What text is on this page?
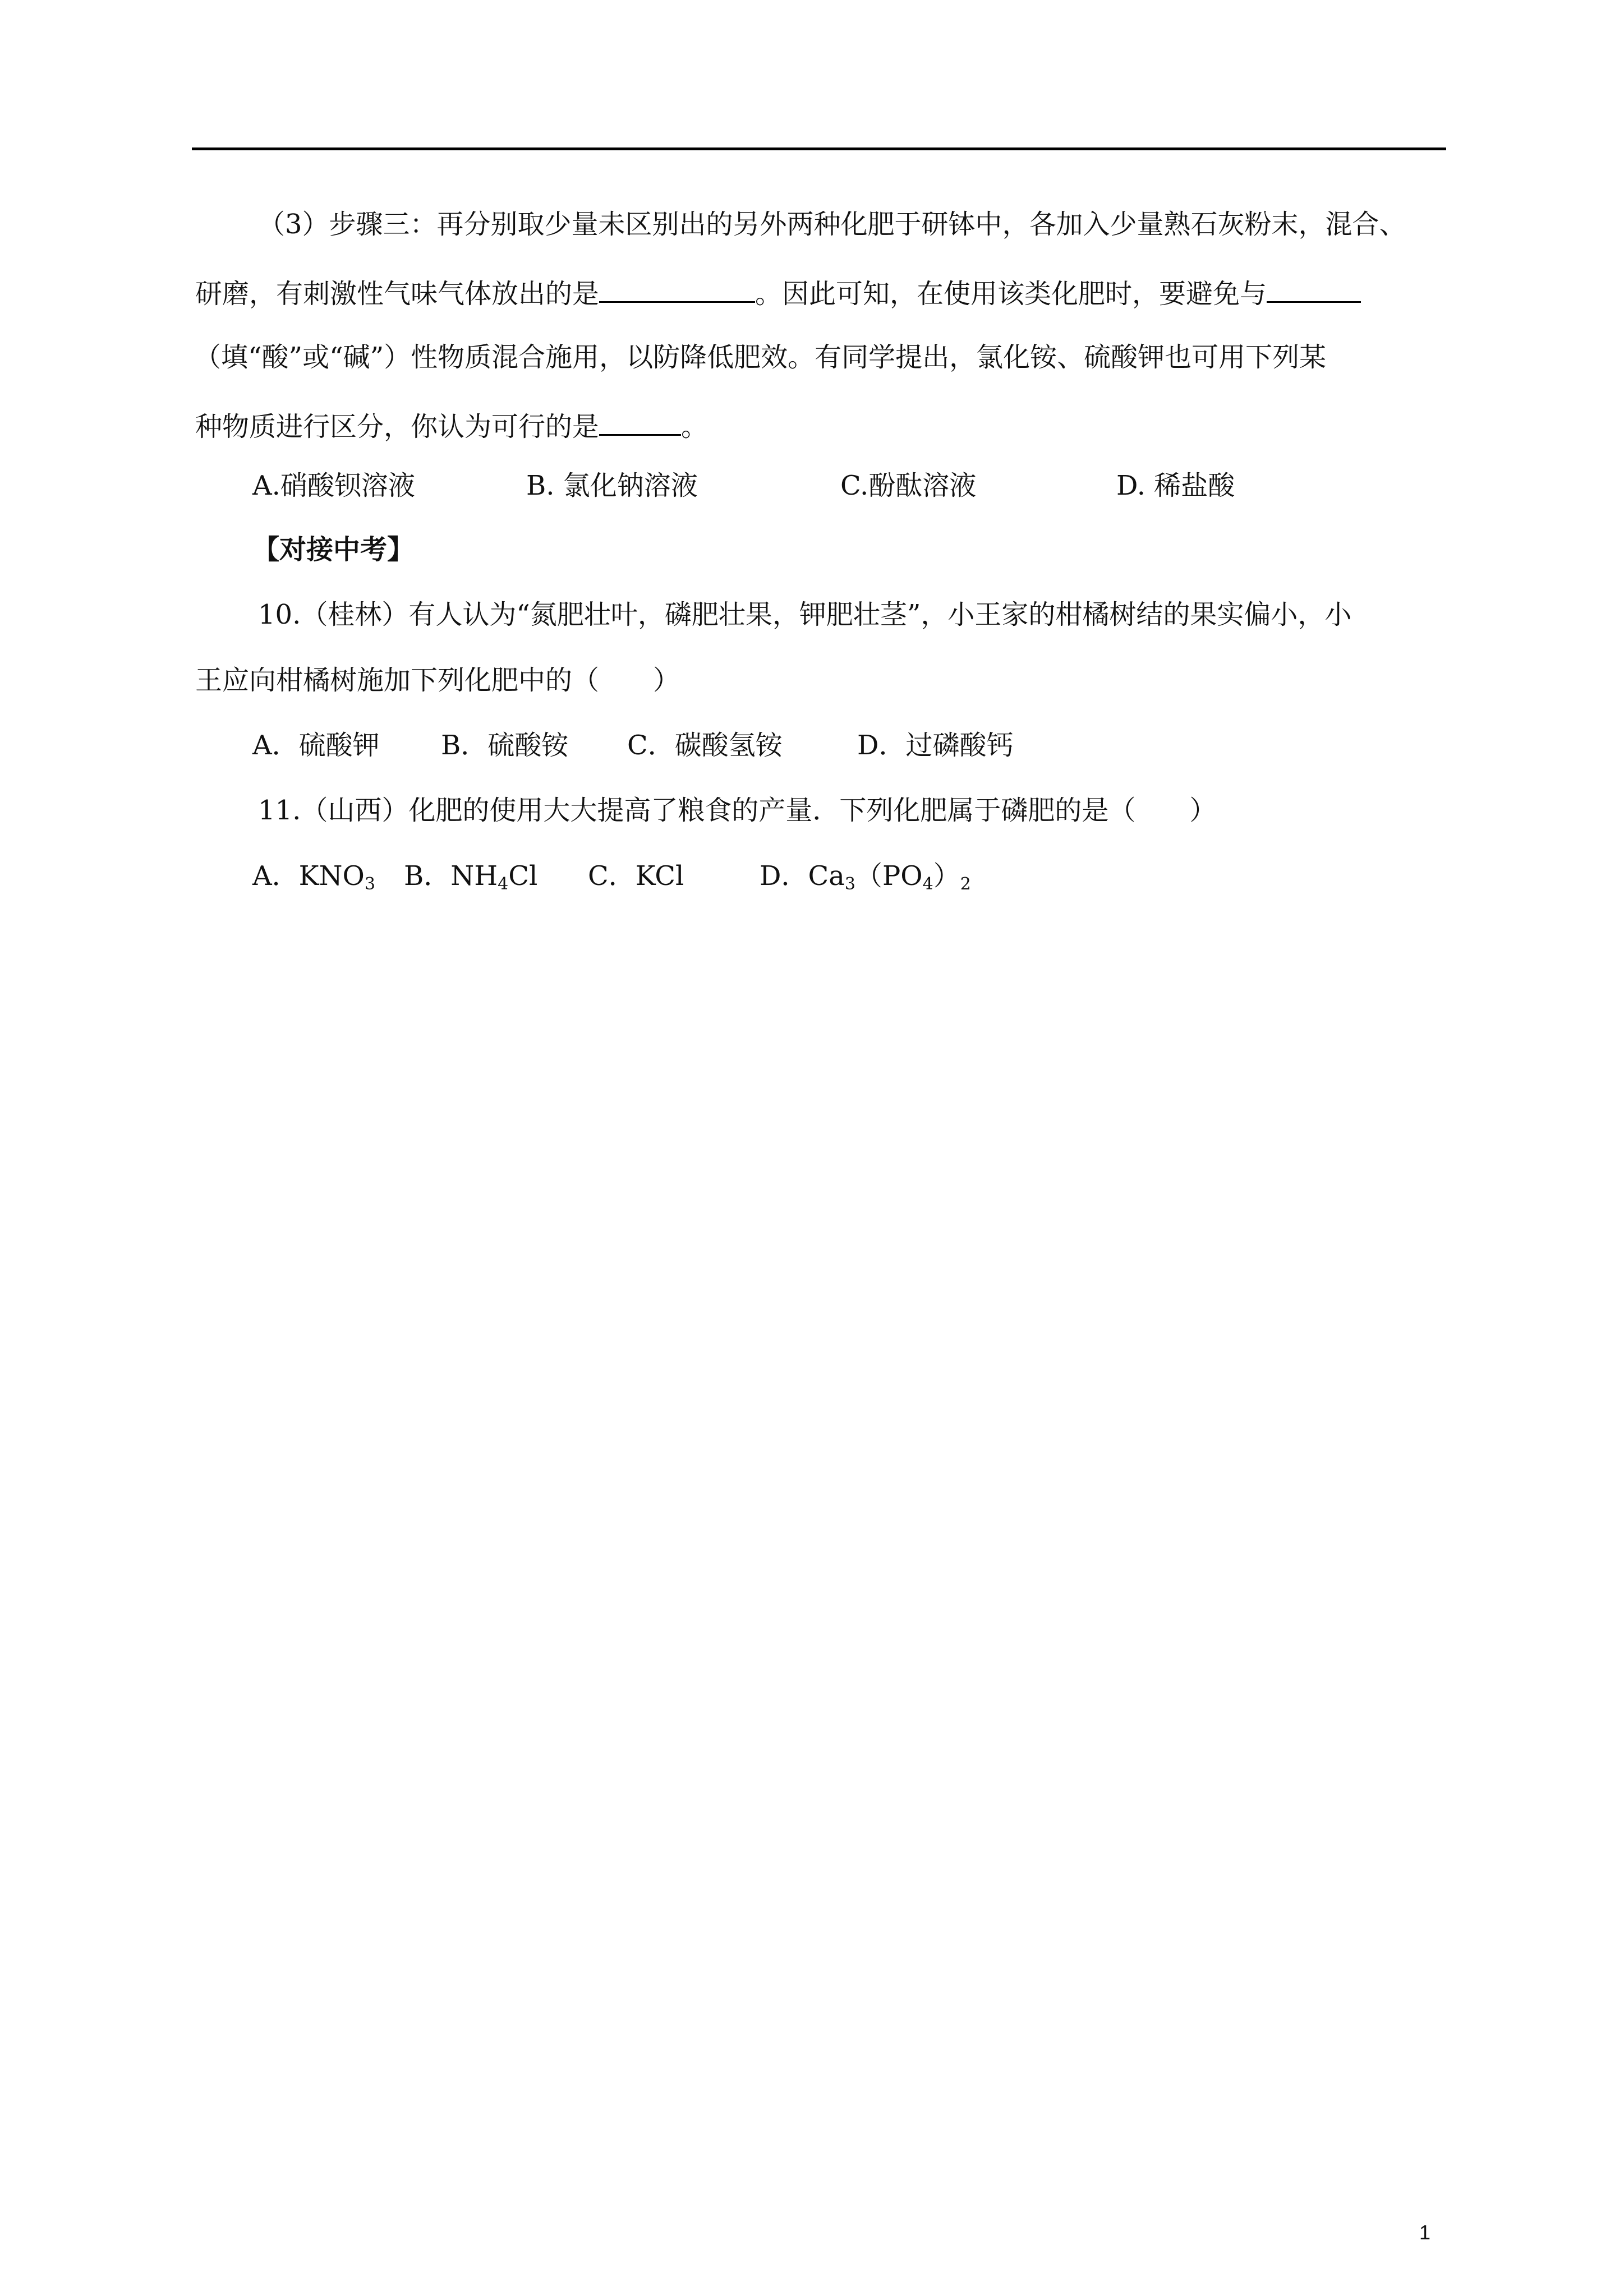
（3）步骤三：再分别取少量未区别出的另外两种化肥于研钵中，各加入少量熟石灰粉末，混合、
研磨，有刺激性气味气体放出的是	。因此可知，在使用该类化肥时，要避免与
（填“酸”或“碱”）性物质混合施用，以防降低肥效。有同学提出，氯化铵、硫酸钾也可用下列某
种物质进行区分，你认为可行的是	。
A.硝酸钡溶液	B. 氯化钠溶液	C.酚酞溶液	D. 稀盐酸
【对接中考】
10.（桂林）有人认为“氮肥壮叶，磷肥壮果，钾肥壮茎”，小王家的柑橘树结的果实偏小，小
王应向柑橘树施加下列化肥中的（　　）
A．硫酸钾 B．硫酸铵 C．碳酸氢铵	D．过磷酸钙
11.（山西）化肥的使用大大提高了粮食的产量．下列化肥属于磷肥的是（　　）
A．$KNO_3$ B．$NH_4Cl$ C．KCl	D．$Ca_3(PO_4)_2$
1
